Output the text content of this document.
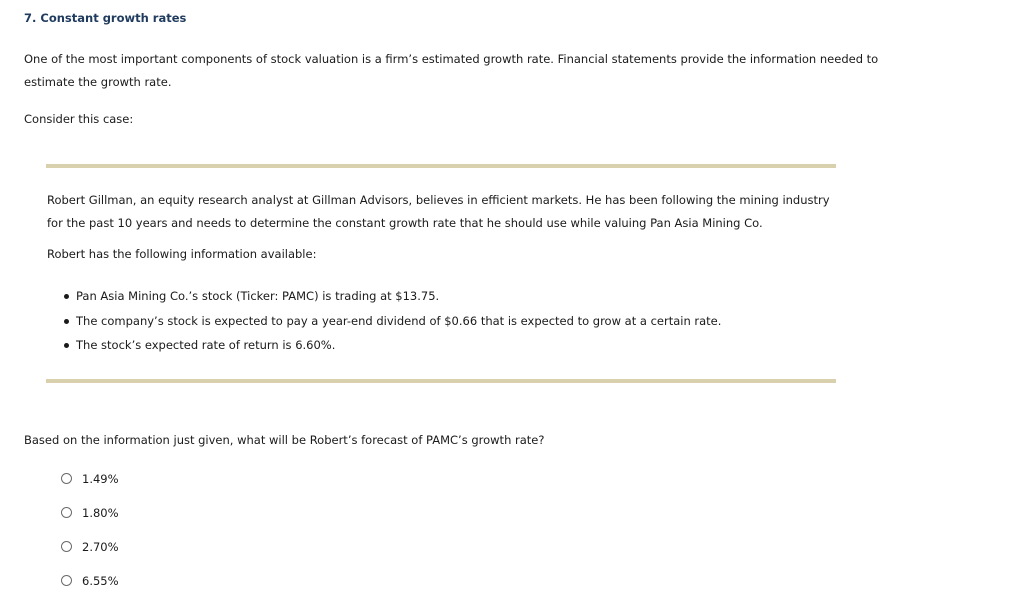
7. Constant growth rates
One of the most important components of stock valuation is a firm’s estimated growth rate. Financial statements provide the information needed to estimate the growth rate.
Consider this case:
Robert Gillman, an equity research analyst at Gillman Advisors, believes in efficient markets. He has been following the mining industry for the past 10 years and needs to determine the constant growth rate that he should use while valuing Pan Asia Mining Co.
Robert has the following information available:
Pan Asia Mining Co.’s stock (Ticker: PAMC) is trading at $13.75.
The company’s stock is expected to pay a year-end dividend of $0.66 that is expected to grow at a certain rate.
The stock’s expected rate of return is 6.60%.
Based on the information just given, what will be Robert’s forecast of PAMC’s growth rate?
1.49%
1.80%
2.70%
6.55%
